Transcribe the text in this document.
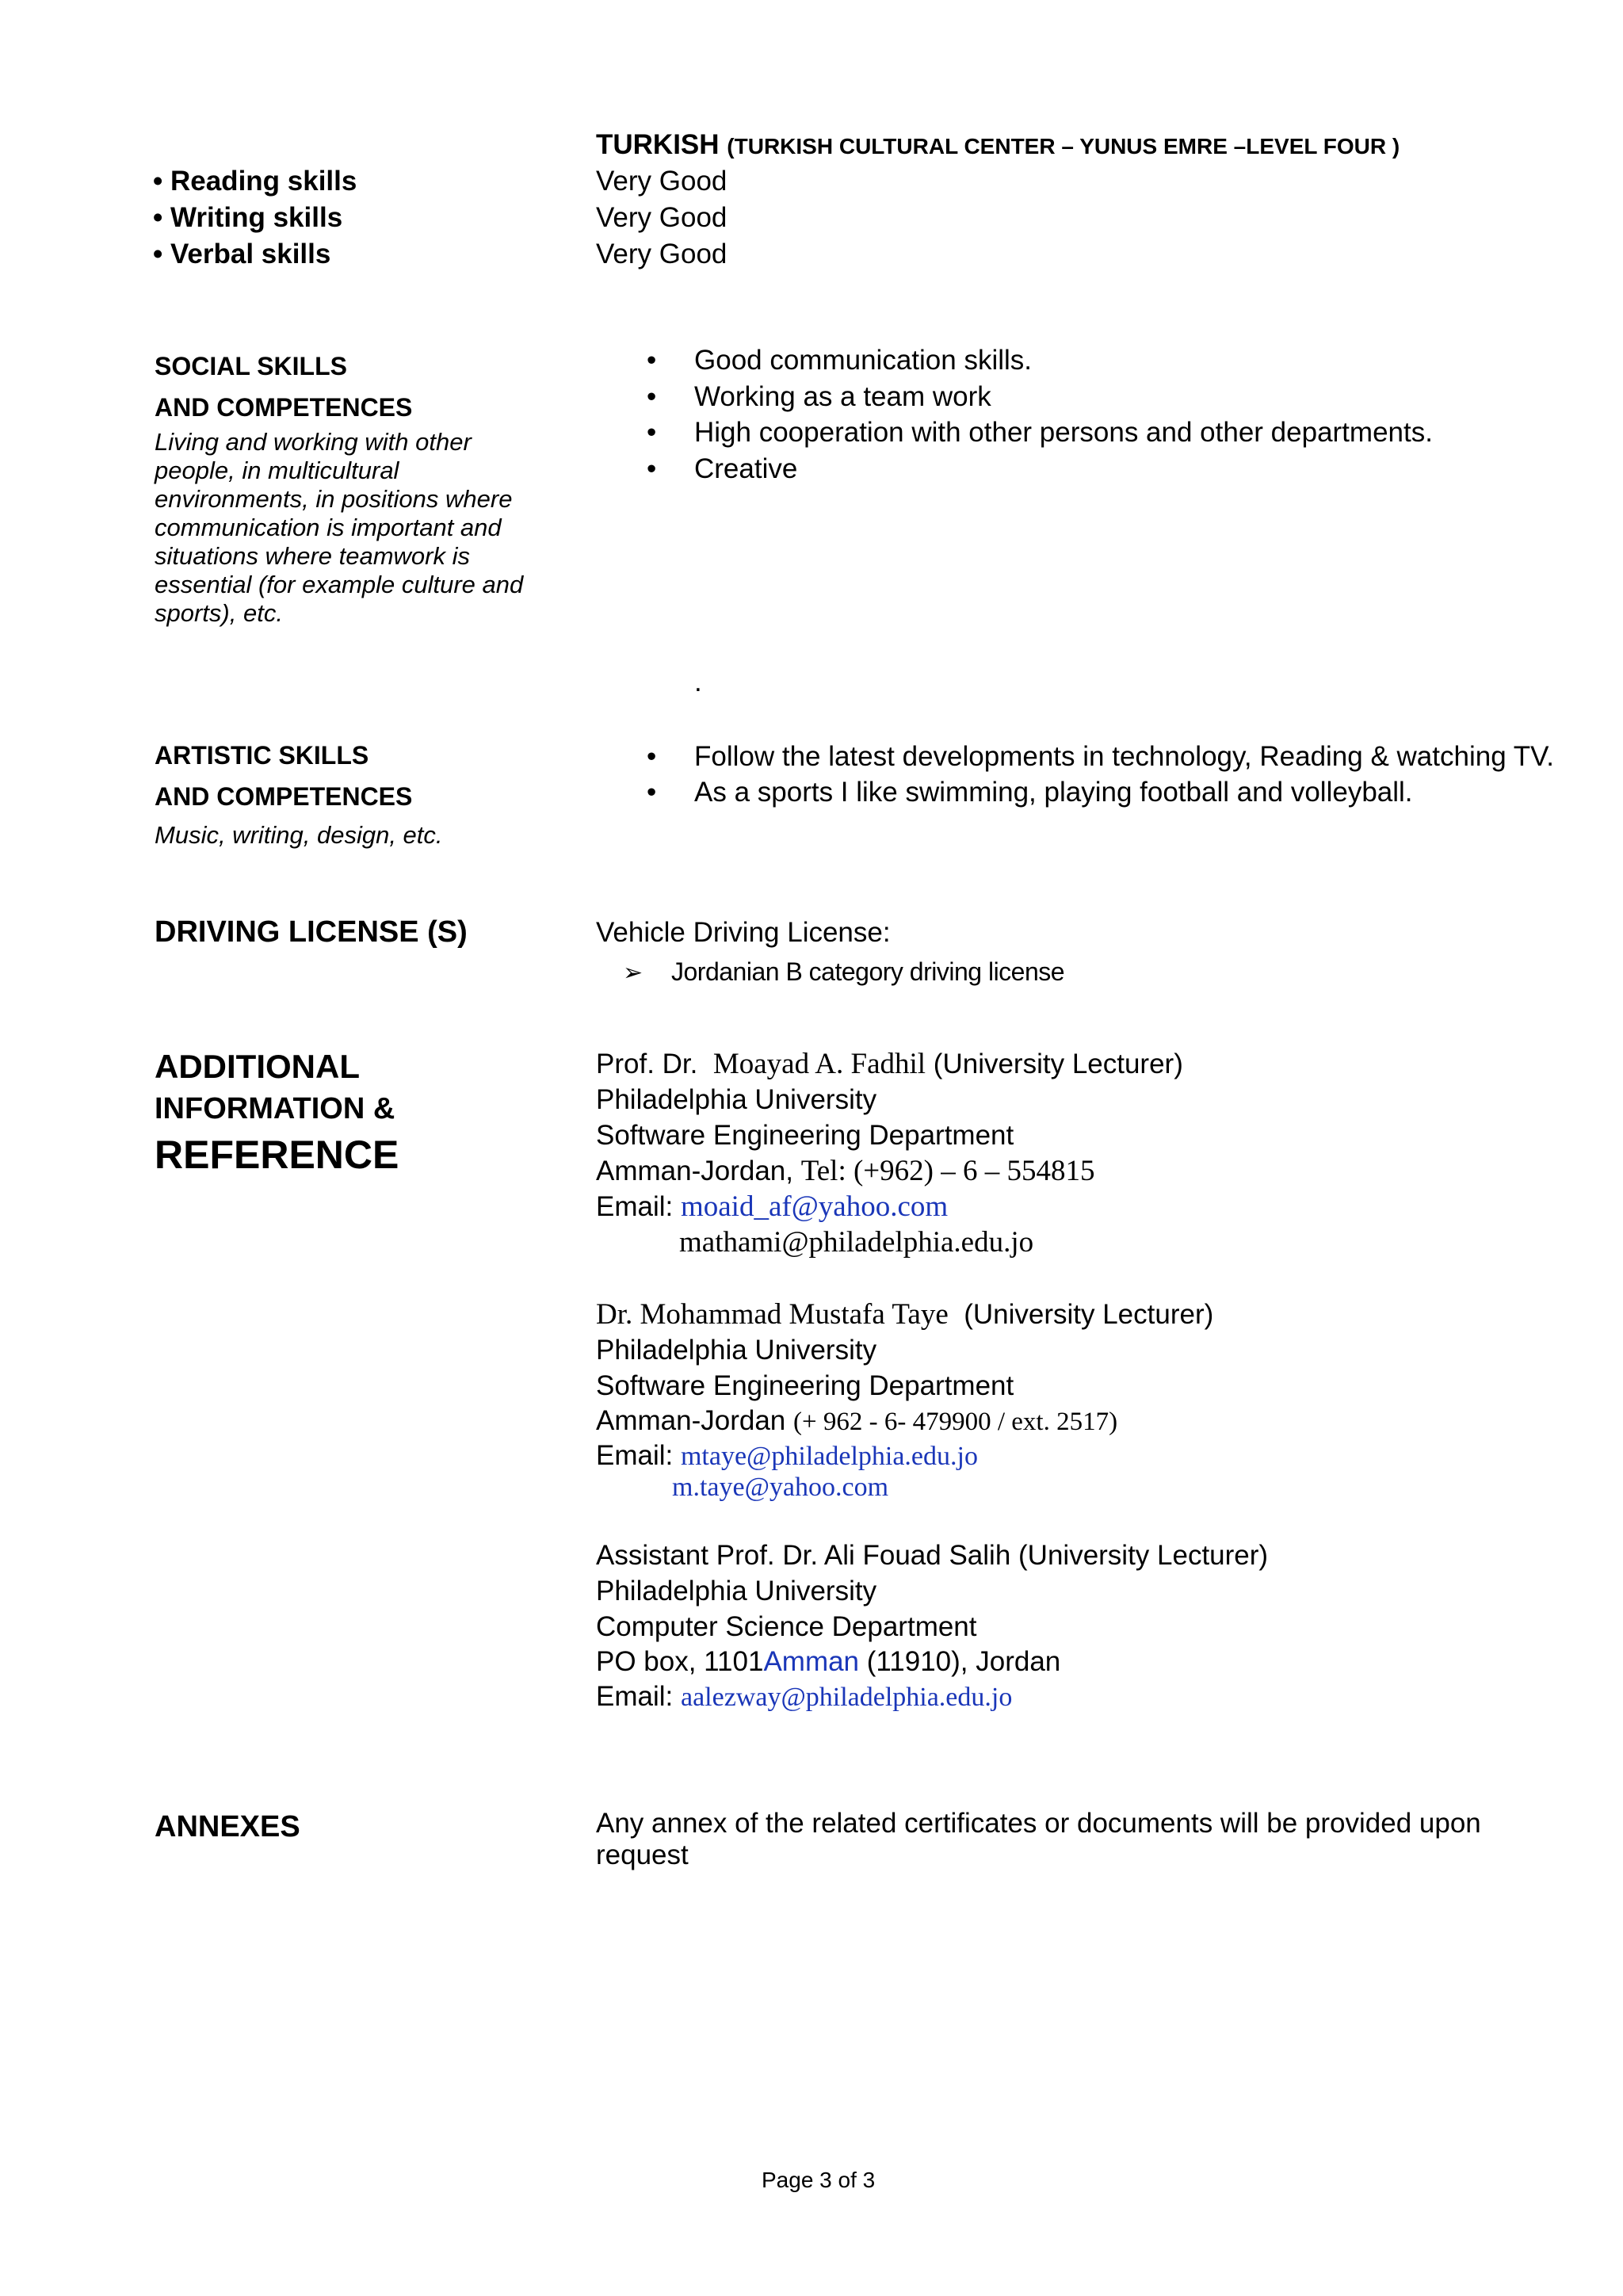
TURKISH (TURKISH CULTURAL CENTER – YUNUS EMRE –LEVEL FOUR )
• Reading skills	Very Good
• Writing skills	Very Good
• Verbal skills	Very Good
SOCIAL SKILLS
AND COMPETENCES
Living and working with other people, in multicultural environments, in positions where communication is important and situations where teamwork is essential (for example culture and sports), etc.
• Good communication skills.
• Working as a team work
• High cooperation with other persons and other departments.
• Creative
.
ARTISTIC SKILLS
AND COMPETENCES
Music, writing, design, etc.
• Follow the latest developments in technology, Reading & watching TV.
• As a sports I like swimming, playing football and volleyball.
DRIVING LICENSE (S)	Vehicle Driving License:
➢ Jordanian B category driving license
ADDITIONAL
INFORMATION &
REFERENCE
Prof. Dr. Moayad A. Fadhil (University Lecturer)
Philadelphia University
Software Engineering Department
Amman-Jordan, Tel: (+962) – 6 – 554815
Email: moaid_af@yahoo.com
mathami@philadelphia.edu.jo
Dr. Mohammad Mustafa Taye (University Lecturer)
Philadelphia University
Software Engineering Department
Amman-Jordan (+ 962 - 6- 479900 / ext. 2517)
Email: mtaye@philadelphia.edu.jo
m.taye@yahoo.com
Assistant Prof. Dr. Ali Fouad Salih (University Lecturer)
Philadelphia University
Computer Science Department
PO box, 1101Amman (11910), Jordan
Email: aalezway@philadelphia.edu.jo
ANNEXES	Any annex of the related certificates or documents will be provided upon
request
Page 3 of 3
